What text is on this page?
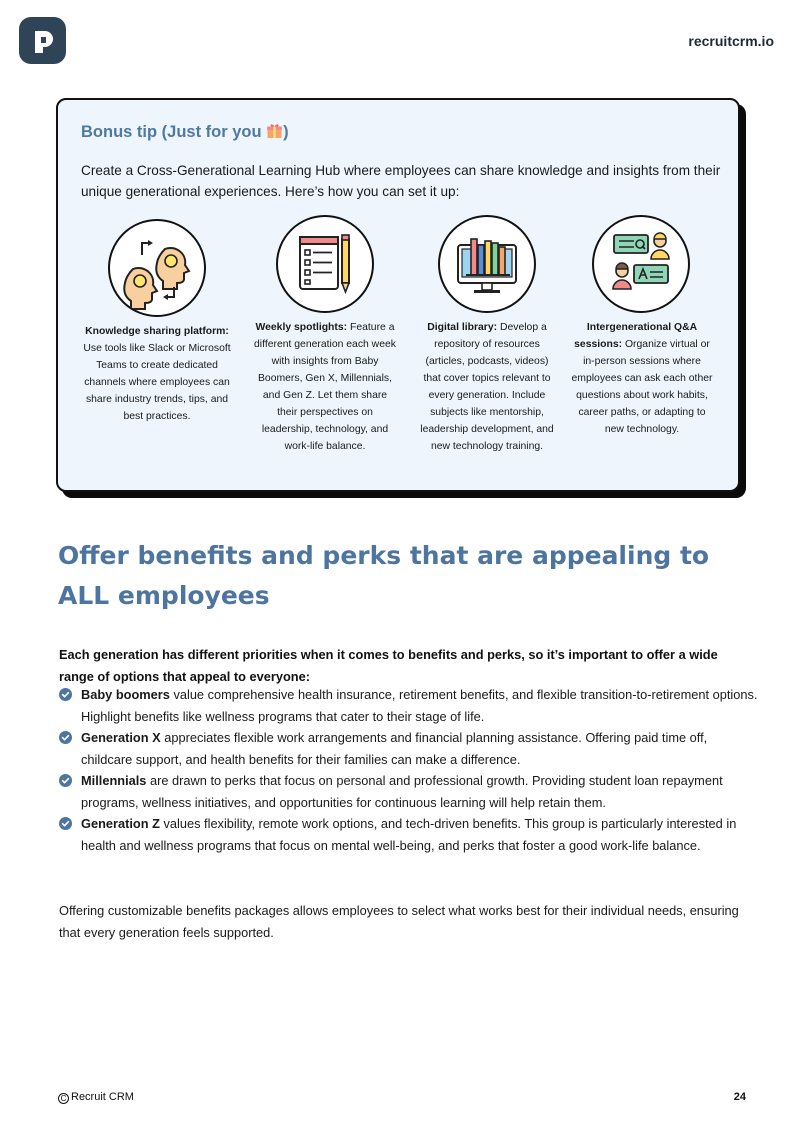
recruitcrm.io
Bonus tip (Just for you )
Create a Cross-Generational Learning Hub where employees can share knowledge and insights from their unique generational experiences. Here’s how you can set it up:
Knowledge sharing platform: Use tools like Slack or Microsoft Teams to create dedicated channels where employees can share industry trends, tips, and best practices.
Weekly spotlights: Feature a different generation each week with insights from Baby Boomers, Gen X, Millennials, and Gen Z. Let them share their perspectives on leadership, technology, and work-life balance.
Digital library: Develop a repository of resources (articles, podcasts, videos) that cover topics relevant to every generation. Include subjects like mentorship, leadership development, and new technology training.
Intergenerational Q&A sessions: Organize virtual or in-person sessions where employees can ask each other questions about work habits, career paths, or adapting to new technology.
Offer benefits and perks that are appealing to ALL employees
Each generation has different priorities when it comes to benefits and perks, so it’s important to offer a wide range of options that appeal to everyone:
Baby boomers value comprehensive health insurance, retirement benefits, and flexible transition-to-retirement options. Highlight benefits like wellness programs that cater to their stage of life.
Generation X appreciates flexible work arrangements and financial planning assistance. Offering paid time off, childcare support, and health benefits for their families can make a difference.
Millennials are drawn to perks that focus on personal and professional growth. Providing student loan repayment programs, wellness initiatives, and opportunities for continuous learning will help retain them.
Generation Z values flexibility, remote work options, and tech-driven benefits. This group is particularly interested in health and wellness programs that focus on mental well-being, and perks that foster a good work-life balance.
Offering customizable benefits packages allows employees to select what works best for their individual needs, ensuring that every generation feels supported.
C Recruit CRM	24
